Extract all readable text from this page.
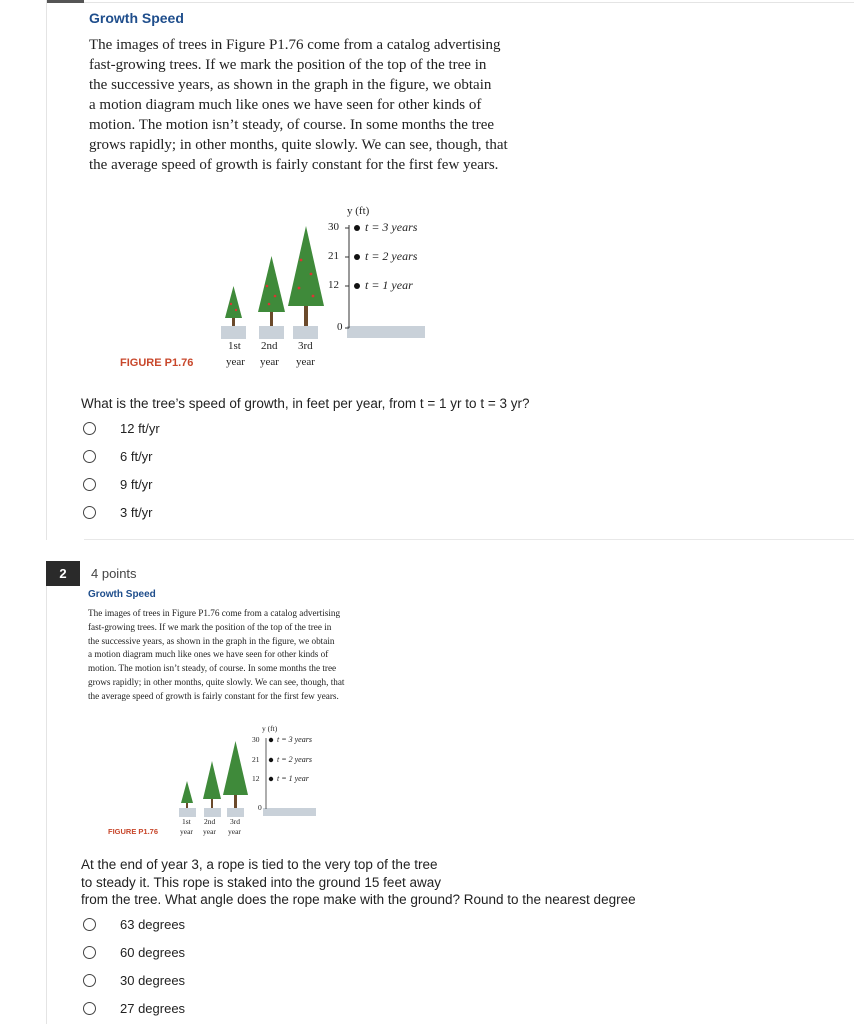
Growth Speed
The images of trees in Figure P1.76 come from a catalog advertising
fast-growing trees. If we mark the position of the top of the tree in
the successive years, as shown in the graph in the figure, we obtain
a motion diagram much like ones we have seen for other kinds of
motion. The motion isn’t steady, of course. In some months the tree
grows rapidly; in other months, quite slowly. We can see, though, that
the average speed of growth is fairly constant for the first few years.
y (ft)
30
21
12
0
t = 3 years
t = 2 years
t = 1 year
1st 2nd 3rd
year year year
FIGURE P1.76
What is the tree’s speed of growth, in feet per year, from t = 1 yr to t = 3 yr?
12 ft/yr
6 ft/yr
9 ft/yr
3 ft/yr
2	4 points
Growth Speed
The images of trees in Figure P1.76 come from a catalog advertising
fast-growing trees. If we mark the position of the top of the tree in
the successive years, as shown in the graph in the figure, we obtain
a motion diagram much like ones we have seen for other kinds of
motion. The motion isn’t steady, of course. In some months the tree
grows rapidly; in other months, quite slowly. We can see, though, that
the average speed of growth is fairly constant for the first few years.
y (ft)
30
21
12
0
t = 3 years
t = 2 years
t = 1 year
1st 2nd 3rd
year year year
FIGURE P1.76
At the end of year 3, a rope is tied to the very top of the tree
to steady it. This rope is staked into the ground 15 feet away
from the tree. What angle does the rope make with the ground? Round to the nearest degree
63 degrees
60 degrees
30 degrees
27 degrees
